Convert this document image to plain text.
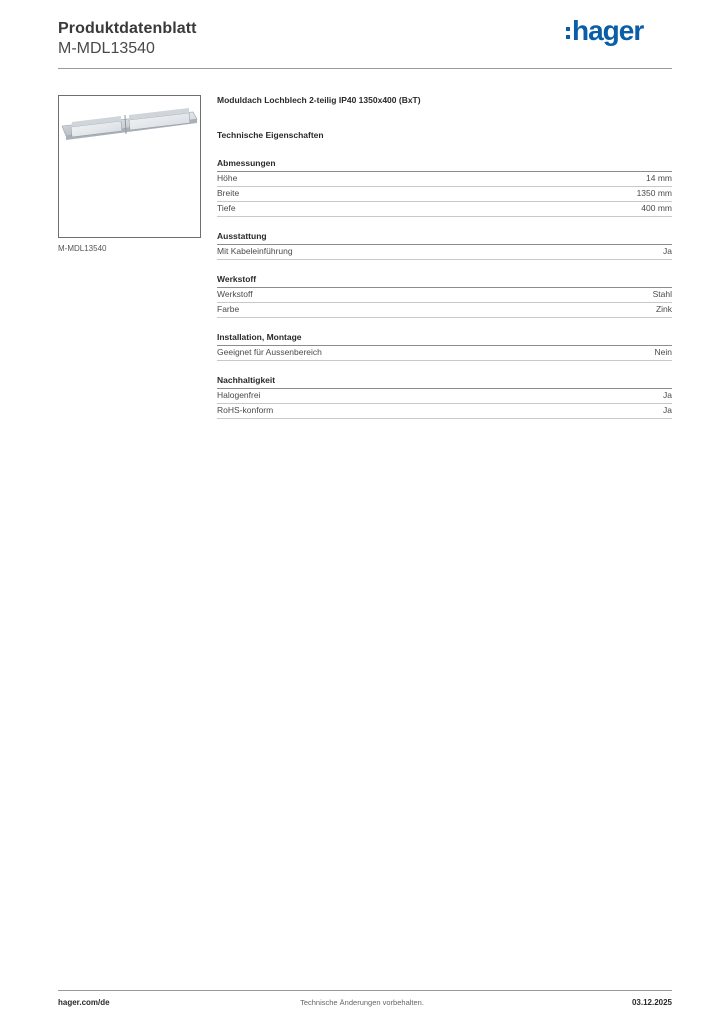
Produktdatenblatt
M-MDL13540
hager
M-MDL13540
Moduldach Lochblech 2-teilig IP40 1350x400 (BxT)
Technische Eigenschaften
Abmessungen
Höhe	14 mm
Breite	1350 mm
Tiefe	400 mm
Ausstattung
Mit Kabeleinführung	Ja
Werkstoff
Werkstoff	Stahl
Farbe	Zink
Installation, Montage
Geeignet für Aussenbereich	Nein
Nachhaltigkeit
Halogenfrei	Ja
RoHS-konform	Ja
hager.com/de	Technische Änderungen vorbehalten.	03.12.2025
